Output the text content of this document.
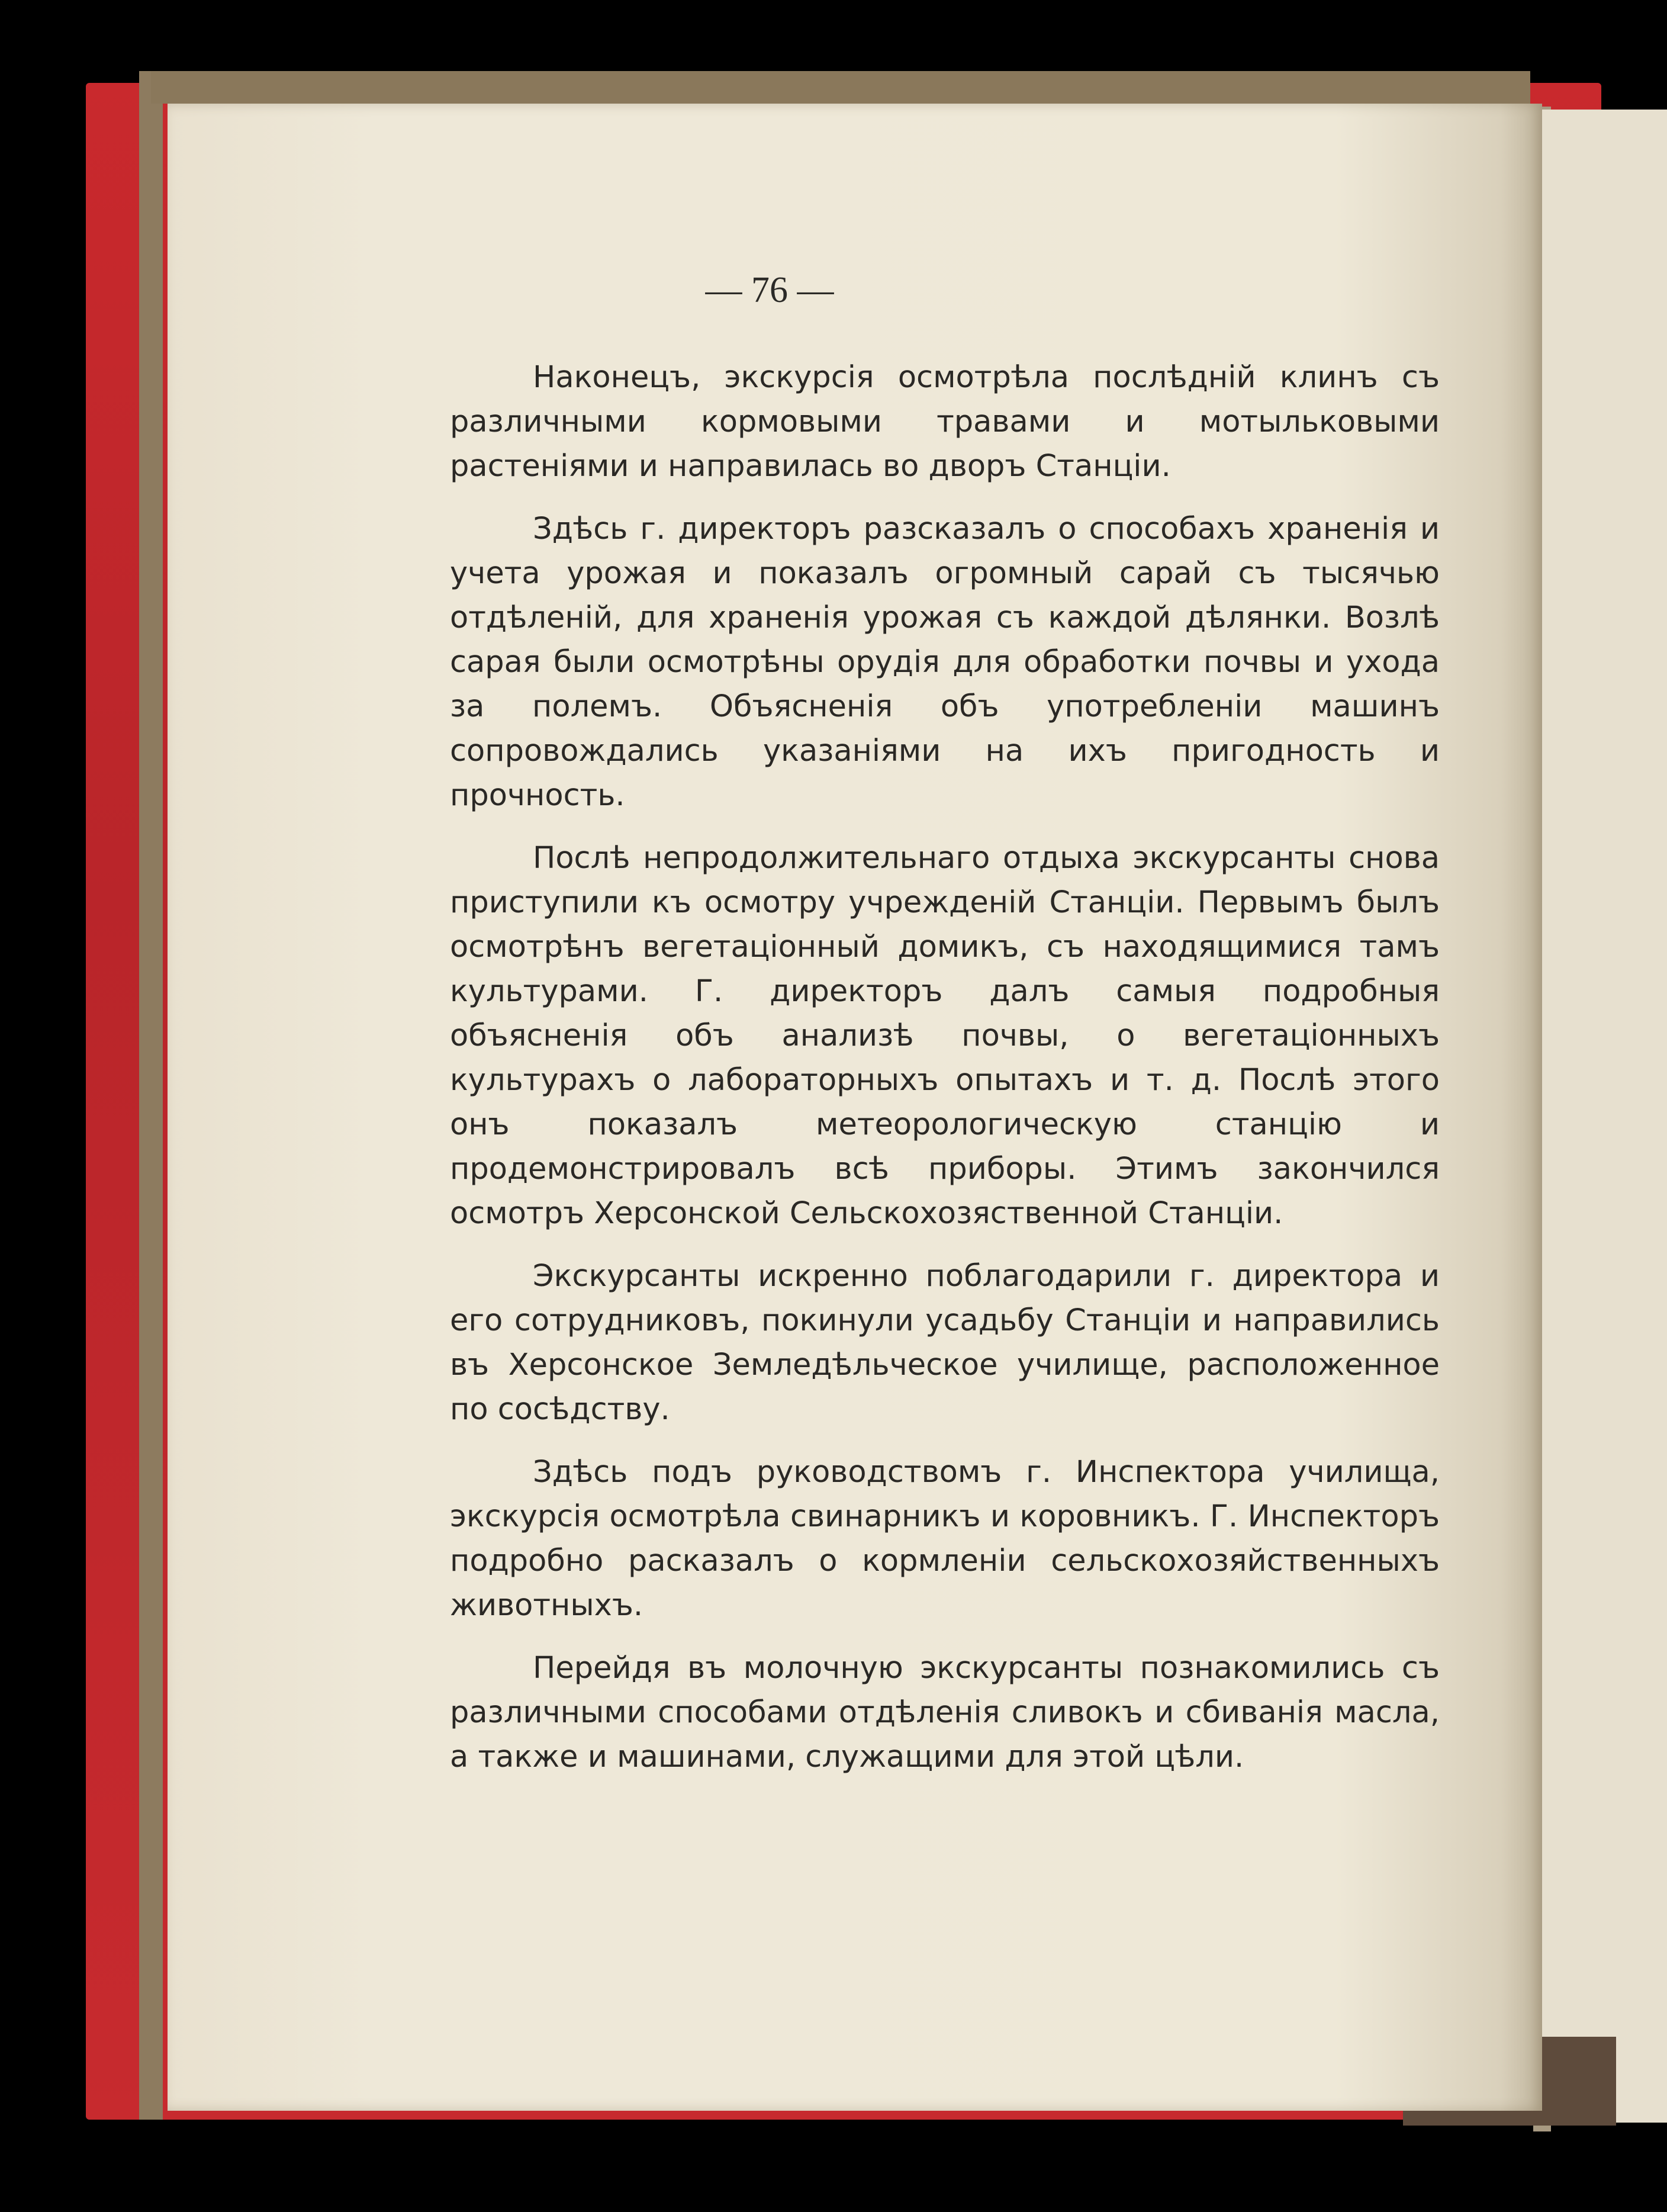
— 76 —

Наконецъ, экскурсія осмотрѣла послѣдній клинъ съ различными кормовыми травами и мотыльковыми растеніями и направилась во дворъ Станціи.

Здѣсь г. директоръ разсказалъ о способахъ храненія и учета урожая и показалъ огромный сарай съ тысячью отдѣленій, для храненія урожая съ каждой дѣлянки. Возлѣ сарая были осмотрѣны орудія для обработки почвы и ухода за полемъ. Объясненія объ употребленіи машинъ сопровождались указаніями на ихъ пригодность и прочность.

Послѣ непродолжительнаго отдыха экскурсанты снова приступили къ осмотру учрежденій Станціи. Первымъ былъ осмотрѣнъ вегетаціонный домикъ, съ находящимися тамъ культурами. Г. директоръ далъ самыя подробныя объясненія объ анализѣ почвы, о вегетаціонныхъ культурахъ о лабораторныхъ опытахъ и т. д. Послѣ этого онъ показалъ метеорологическую станцію и продемонстрировалъ всѣ приборы. Этимъ закончился осмотръ Херсонской Сельскохозяственной Станціи.

Экскурсанты искренно поблагодарили г. директора и его сотрудниковъ, покинули усадьбу Станціи и направились въ Херсонское Земледѣльческое училище, расположенное по сосѣдству.

Здѣсь подъ руководствомъ г. Инспектора училища, экскурсія осмотрѣла свинарникъ и коровникъ. Г. Инспекторъ подробно расказалъ о кормленіи сельскохозяйственныхъ животныхъ.

Перейдя въ молочную экскурсанты познакомились съ различными способами отдѣленія сливокъ и сбиванія масла, а также и машинами, служащими для этой цѣли.
